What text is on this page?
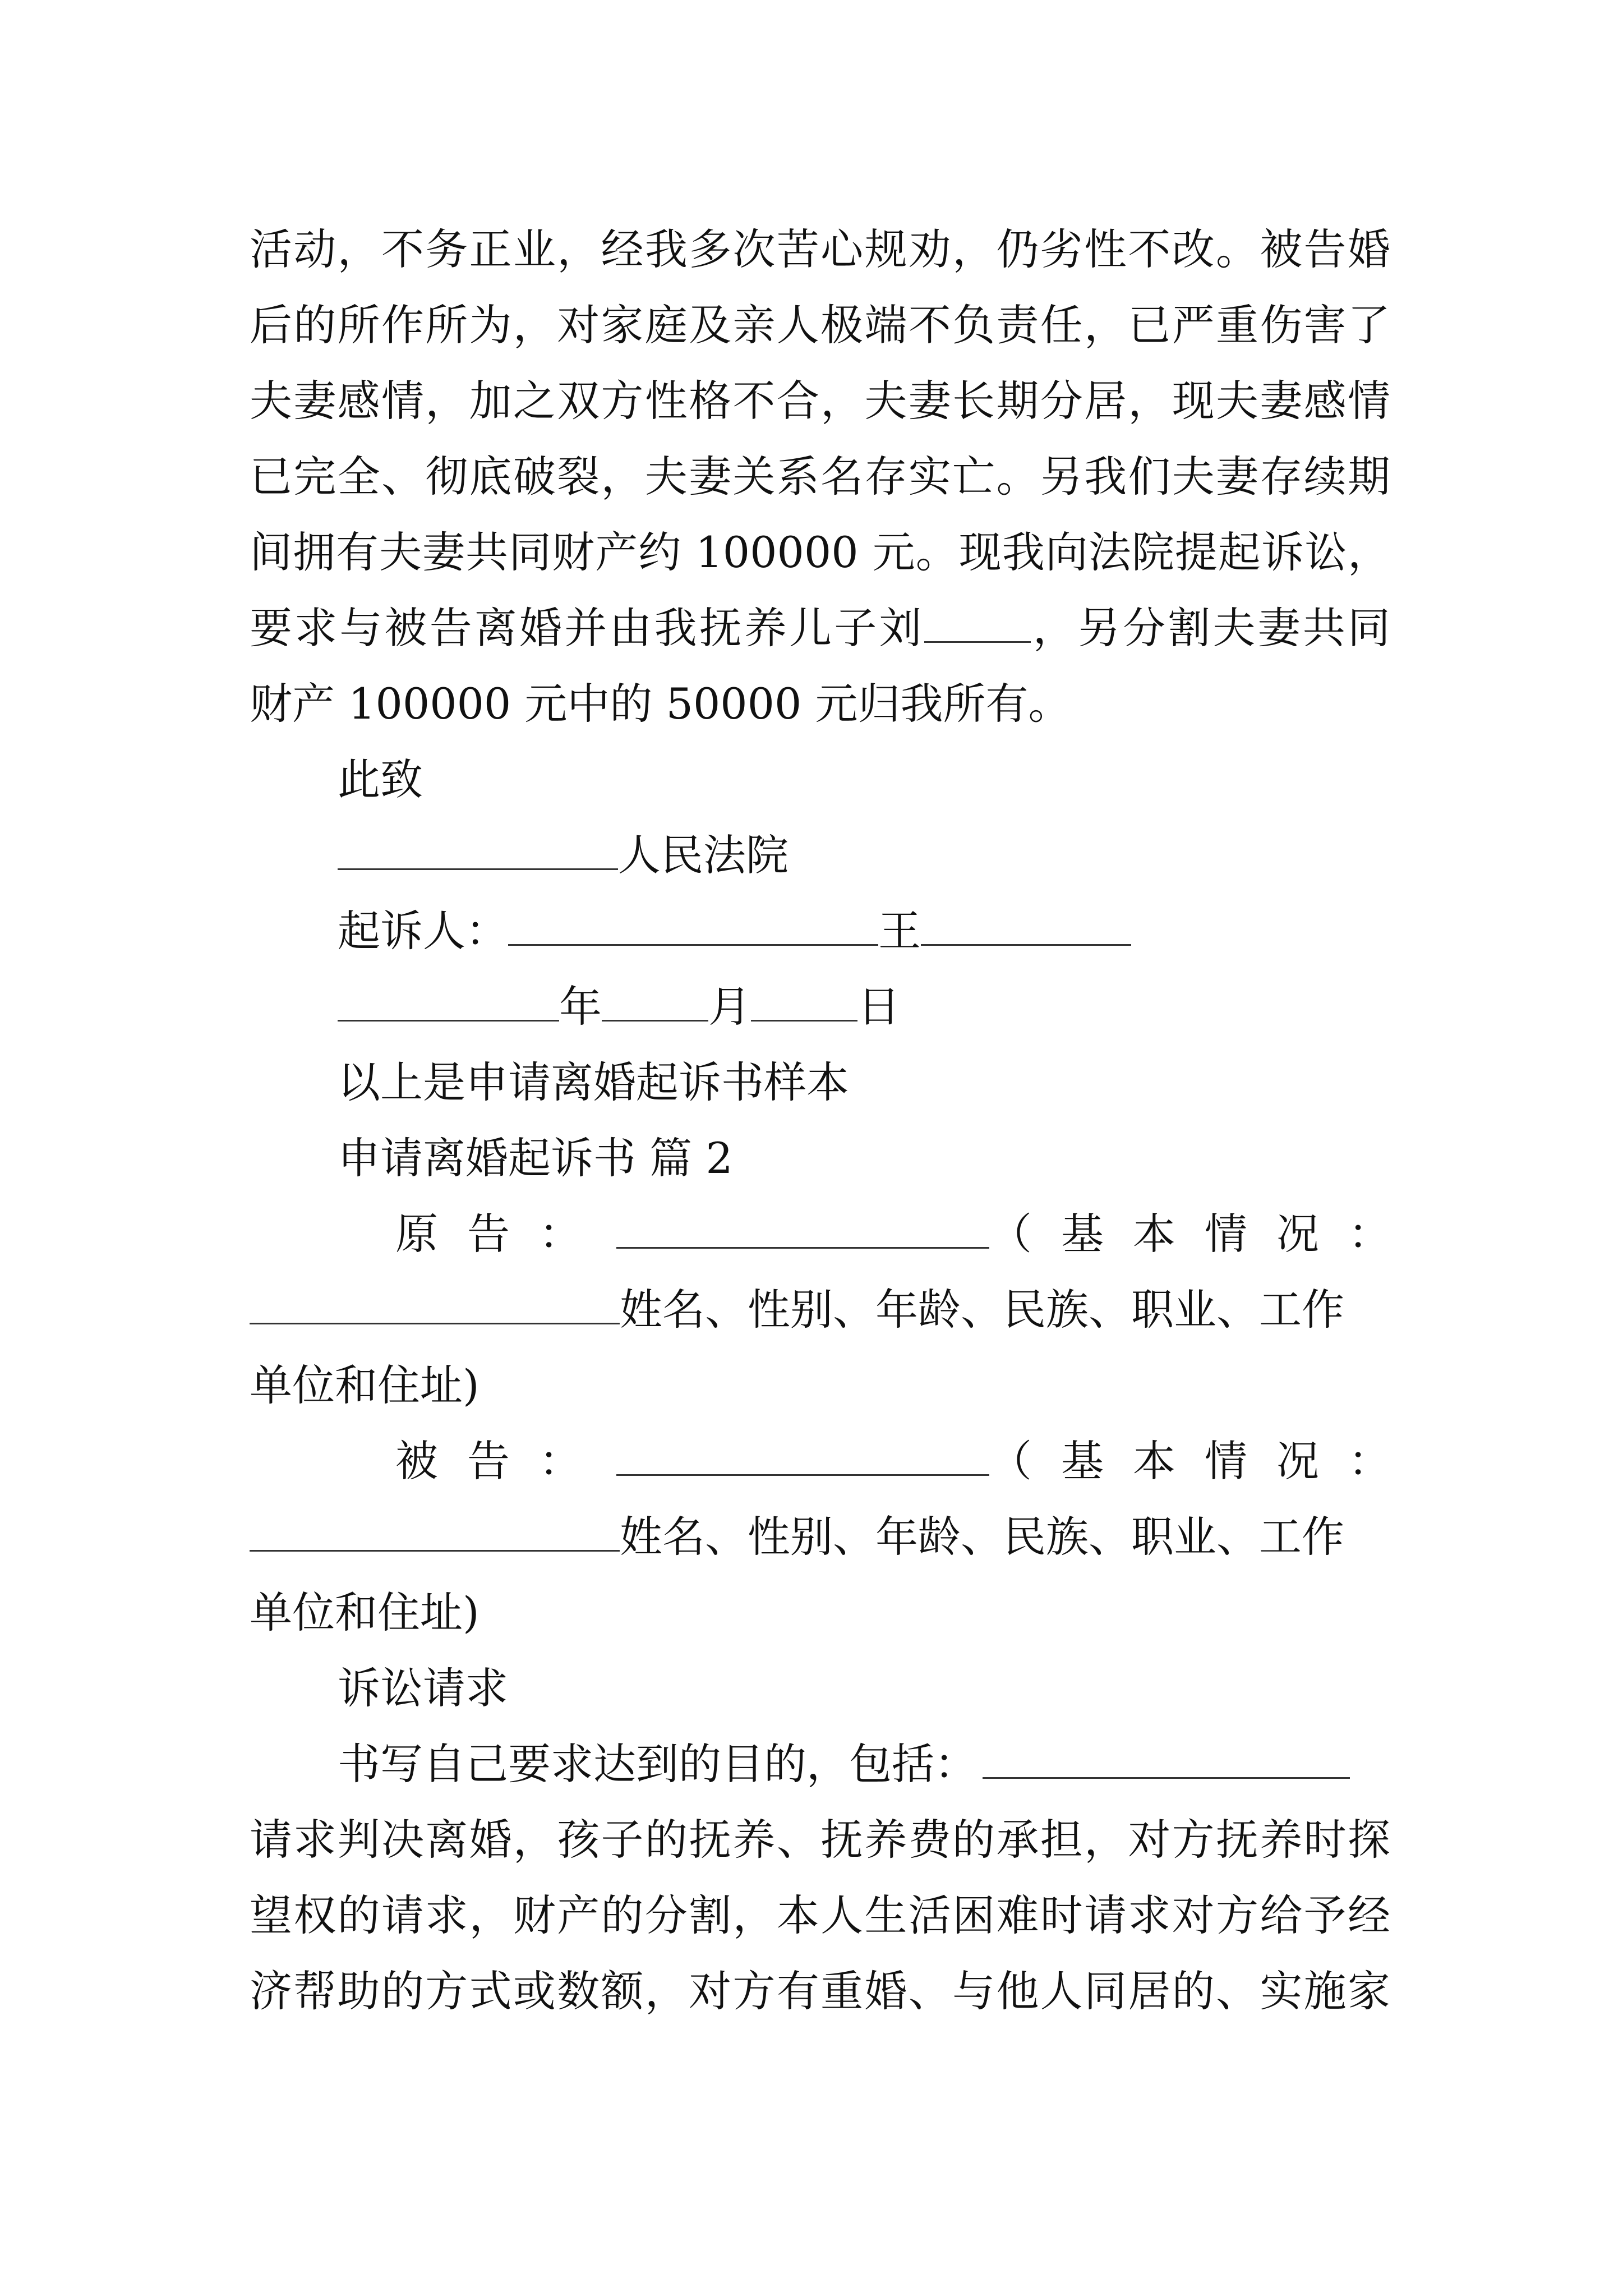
活动，不务正业，经我多次苦心规劝，仍劣性不改。被告婚
后的所作所为，对家庭及亲人极端不负责任，已严重伤害了
夫妻感情，加之双方性格不合，夫妻长期分居，现夫妻感情
已完全、彻底破裂，夫妻关系名存实亡。另我们夫妻存续期
间拥有夫妻共同财产约 100000 元。现我向法院提起诉讼，
要求与被告离婚并由我抚养儿子刘	，另分割夫妻共同
财产 100000 元中的 50000 元归我所有。
此致
人民法院
起诉人：	王
年	月	日
以上是申请离婚起诉书样本
申请离婚起诉书 篇 2
原告：	（基本情况：
姓名、性别、年龄、民族、职业、工作
单位和住址)
被告：	（基本情况：
姓名、性别、年龄、民族、职业、工作
单位和住址)
诉讼请求
书写自己要求达到的目的，包括：
请求判决离婚，孩子的抚养、抚养费的承担，对方抚养时探
望权的请求，财产的分割，本人生活困难时请求对方给予经
济帮助的方式或数额，对方有重婚、与他人同居的、实施家
